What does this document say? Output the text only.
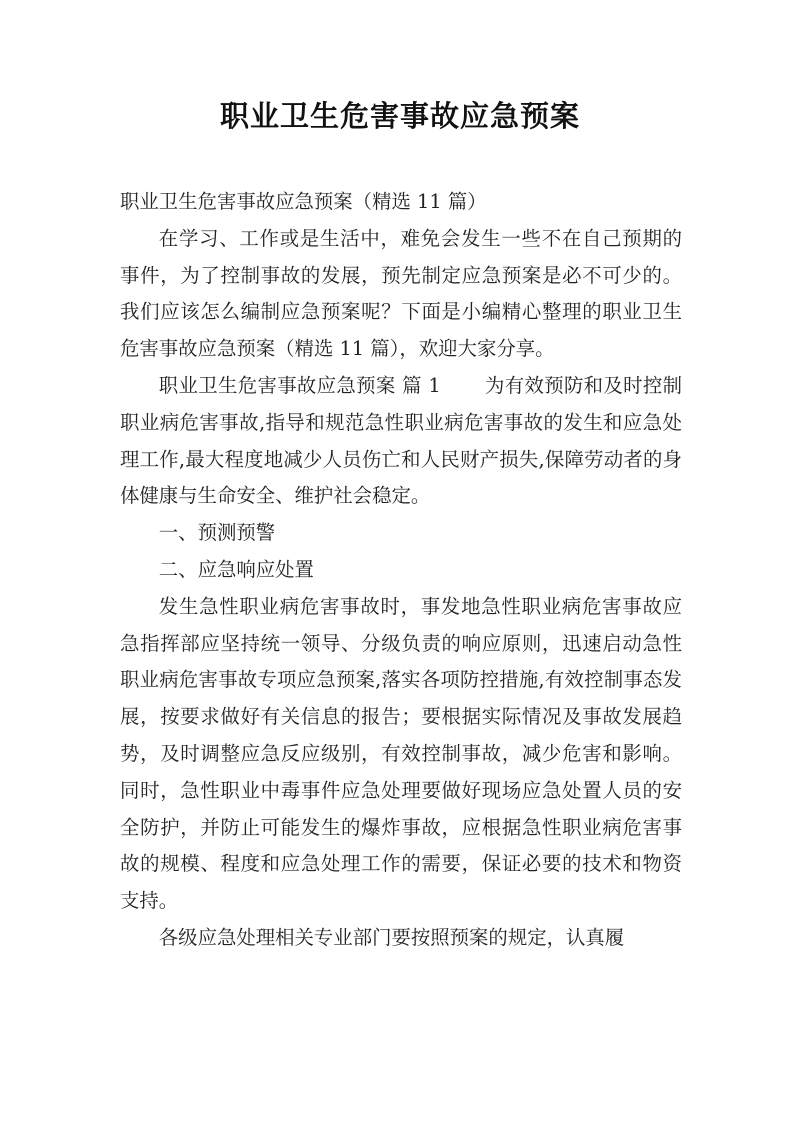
职业卫生危害事故应急预案

职业卫生危害事故应急预案（精选 11 篇）

在学习、工作或是生活中，难免会发生一些不在自己预期的事件，为了控制事故的发展，预先制定应急预案是必不可少的。我们应该怎么编制应急预案呢？下面是小编精心整理的职业卫生危害事故应急预案（精选 11 篇），欢迎大家分享。

职业卫生危害事故应急预案 篇 1 为有效预防和及时控制职业病危害事故,指导和规范急性职业病危害事故的发生和应急处理工作,最大程度地减少人员伤亡和人民财产损失,保障劳动者的身体健康与生命安全、维护社会稳定。

一、预测预警

二、应急响应处置

发生急性职业病危害事故时，事发地急性职业病危害事故应急指挥部应坚持统一领导、分级负责的响应原则，迅速启动急性职业病危害事故专项应急预案,落实各项防控措施,有效控制事态发展，按要求做好有关信息的报告；要根据实际情况及事故发展趋势，及时调整应急反应级别，有效控制事故，减少危害和影响。同时，急性职业中毒事件应急处理要做好现场应急处置人员的安全防护，并防止可能发生的爆炸事故，应根据急性职业病危害事故的规模、程度和应急处理工作的需要，保证必要的技术和物资支持。

各级应急处理相关专业部门要按照预案的规定，认真履
